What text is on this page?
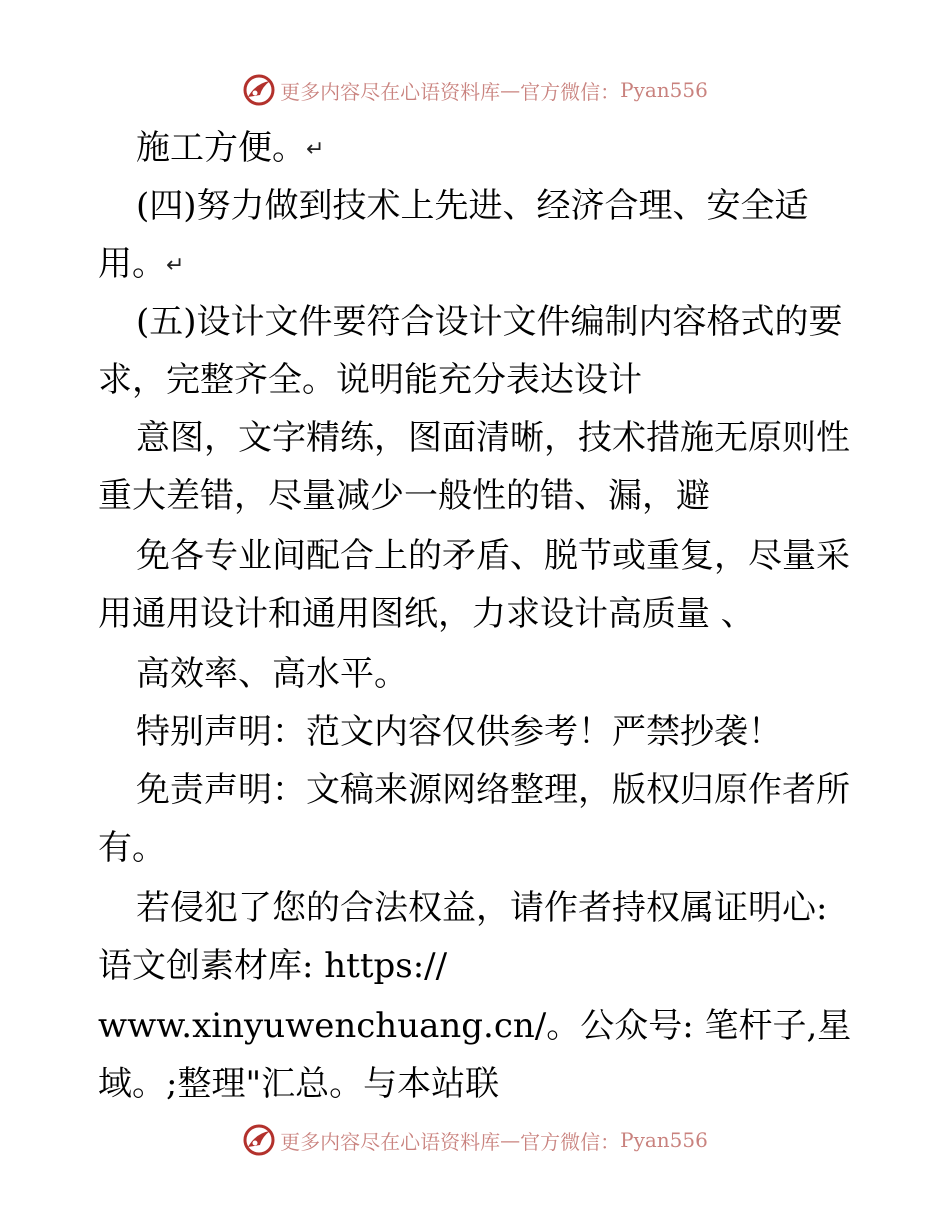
更多内容尽在心语资料库 — 官方微信： Pyan556
施工方便。↵
(四)努力做到技术上先进、经济合理、安全适
用。↵
(五)设计文件要符合设计文件编制内容格式的要
求，完整齐全。说明能充分表达设计
意图，文字精练，图面清晰，技术措施无原则性
重大差错，尽量减少一般性的错、漏，避
免各专业间配合上的矛盾、脱节或重复，尽量采
用通用设计和通用图纸，力求设计高质量 、
高效率、高水平。
特别声明：范文内容仅供参考！严禁抄袭！
免责声明：文稿来源网络整理，版权归原作者所
有。
若侵犯了您的合法权益，请作者持权属证明心:
语文创素材库: https://
www.xinyuwenchuang.cn/。公众号: 笔杆子,星
域。;整理"汇总。与本站联
更多内容尽在心语资料库 — 官方微信： Pyan556
